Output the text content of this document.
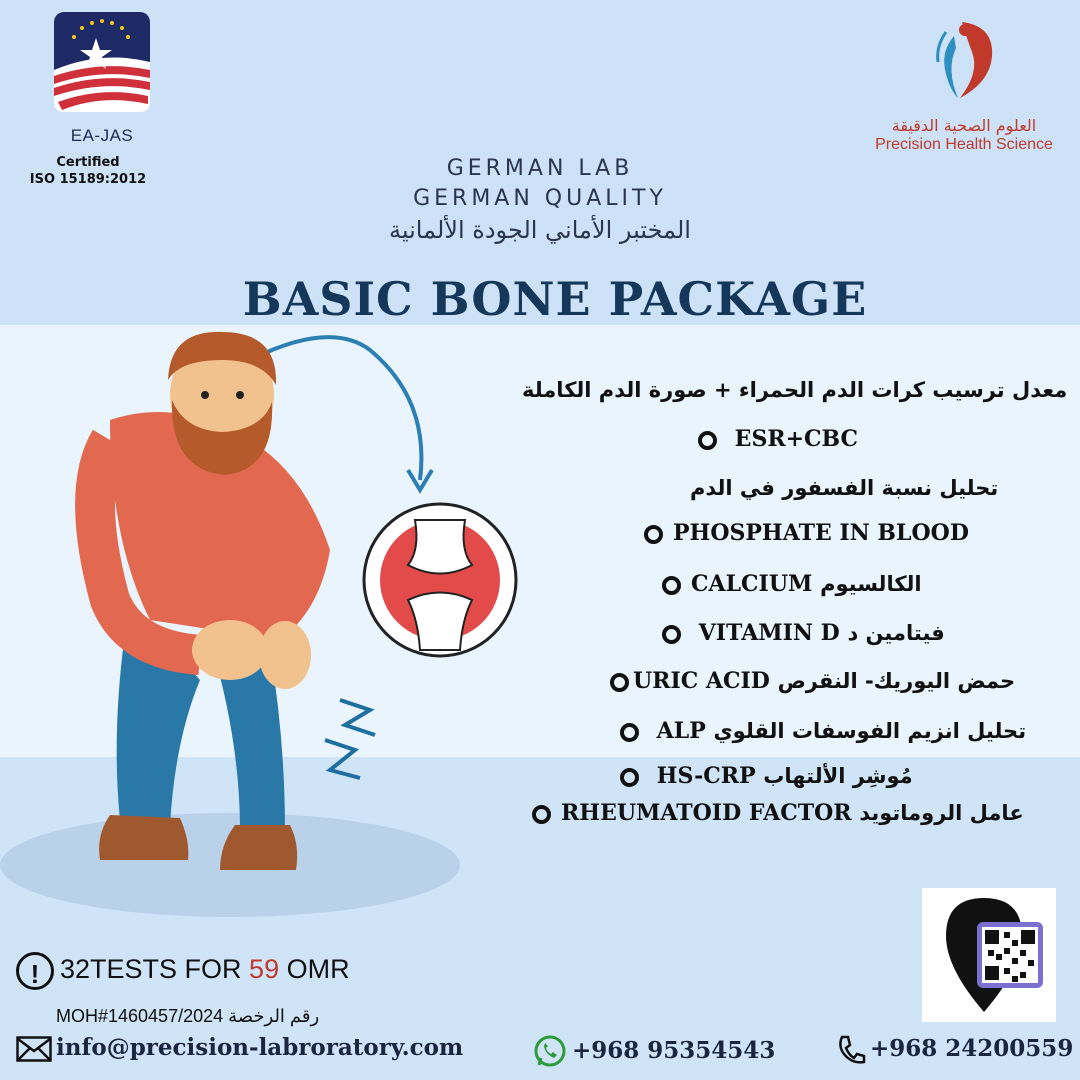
EA-JAS
Certified
ISO 15189:2012
العلوم الصحية الدقيقة
Precision Health Science
GERMAN LAB
GERMAN QUALITY
المختبر الأماني الجودة الألمانية
BASIC BONE PACKAGE
معدل ترسيب كرات الدم الحمراء + صورة الدم الكاملة
ESR+CBC
تحليل نسبة الفسفور في الدم
PHOSPHATE IN BLOOD
CALCIUM الكالسيوم
VITAMIN D فيتامين د
URIC ACID حمض اليوريك- النقرص
ALP تحليل انزيم الفوسفات القلوي
HS-CRP مُوشِر الألتهاب
RHEUMATOID FACTOR عامل الروماتويد
! 32TESTS FOR 59 OMR
MOH#1460457/2024 رقم الرخصة
info@precision-labroratory.com	+968 95354543	+968 24200559
